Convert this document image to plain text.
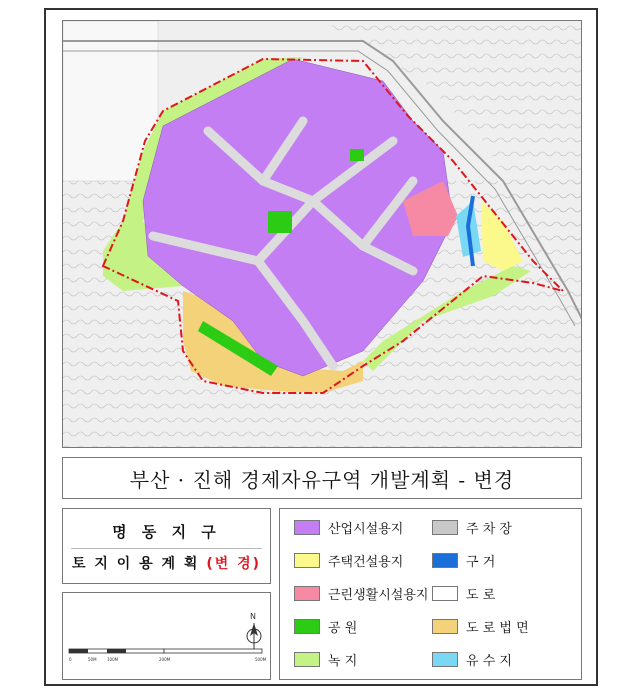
부산 · 진해 경제자유구역 개발계획 - 변경
명 동 지 구
토 지 이 용 계 획 (변 경)
N
0	50M	100M	200M	500M
산업시설용지
주택건설용지
근린생활시설용지
공 원
녹 지
주 차 장
구 거
도 로
도 로 법 면
유 수 지
